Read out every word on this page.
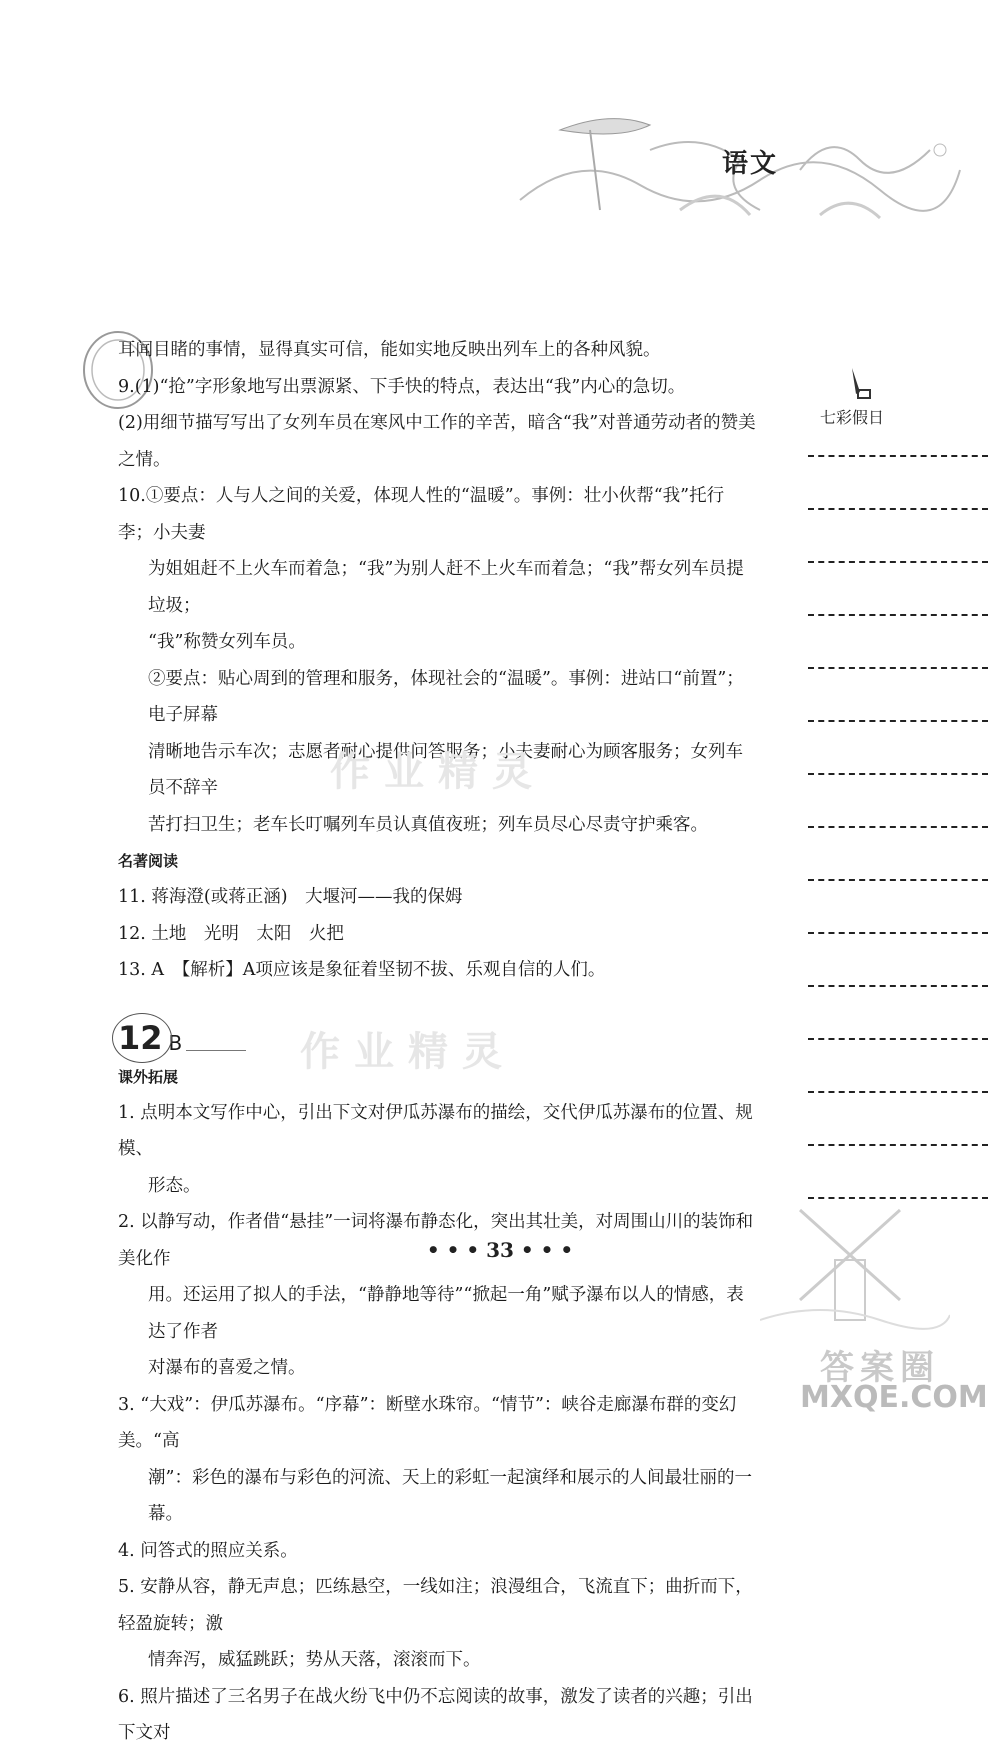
语文

耳闻目睹的事情，显得真实可信，能如实地反映出列车上的各种风貌。

9.(1)“抢”字形象地写出票源紧、下手快的特点，表达出“我”内心的急切。

(2)用细节描写写出了女列车员在寒风中工作的辛苦，暗含“我”对普通劳动者的赞美

之情。

10.①要点：人与人之间的关爱，体现人性的“温暖”。事例：壮小伙帮“我”托行李；小夫妻

为姐姐赶不上火车而着急；“我”为别人赶不上火车而着急；“我”帮女列车员提垃圾；

“我”称赞女列车员。

②要点：贴心周到的管理和服务，体现社会的“温暖”。事例：进站口“前置”；电子屏幕

清晰地告示车次；志愿者耐心提供问答服务；小夫妻耐心为顾客服务；女列车员不辞辛

苦打扫卫生；老车长叮嘱列车员认真值夜班；列车员尽心尽责守护乘客。

名著阅读

11. 蒋海澄(或蒋正涵)　大堰河——我的保姆

12. 土地　光明　太阳　火把

13. A　【解析】A项应该是象征着坚韧不拔、乐观自信的人们。

12 B
课外拓展

1. 点明本文写作中心，引出下文对伊瓜苏瀑布的描绘，交代伊瓜苏瀑布的位置、规模、

形态。

2. 以静写动，作者借“悬挂”一词将瀑布静态化，突出其壮美，对周围山川的装饰和美化作

用。还运用了拟人的手法，“静静地等待”“掀起一角”赋予瀑布以人的情感，表达了作者

对瀑布的喜爱之情。

3. “大戏”：伊瓜苏瀑布。“序幕”：断壁水珠帘。“情节”：峡谷走廊瀑布群的变幻美。“高

潮”：彩色的瀑布与彩色的河流、天上的彩虹一起演绎和展示的人间最壮丽的一幕。

4. 问答式的照应关系。

5. 安静从容，静无声息；匹练悬空，一线如注；浪漫组合，飞流直下；曲折而下，轻盈旋转；激

情奔泻，威猛跳跃；势从天落，滚滚而下。

6. 照片描述了三名男子在战火纷飞中仍不忘阅读的故事，激发了读者的兴趣；引出下文对

作业精灵
作业精灵
七彩假日
• • • 33 • • •
答案圈
MXQE.COM
